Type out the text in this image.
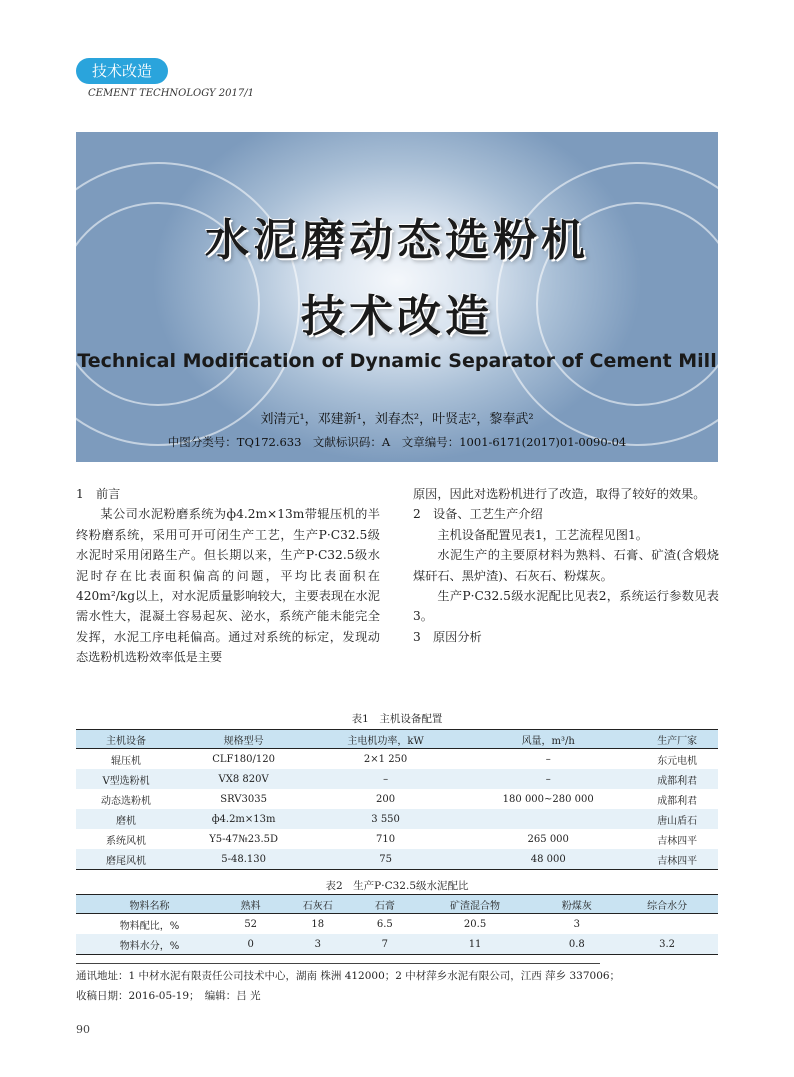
技术改造
CEMENT TECHNOLOGY 2017/1
水泥磨动态选粉机
技术改造
Technical Modification of Dynamic Separator of Cement Mill
刘清元¹，邓建新¹，刘春杰²，叶贤志²，黎奉武²
中图分类号：TQ172.633　文献标识码：A　文章编号：1001-6171(2017)01-0090-04

1　前言

某公司水泥粉磨系统为ф4.2m×13m带辊压机的半终粉磨系统，采用可开可闭生产工艺，生产P·C32.5级水泥时采用闭路生产。但长期以来，生产P·C32.5级水泥时存在比表面积偏高的问题，平均比表面积在420m²/kg以上，对水泥质量影响较大，主要表现在水泥需水性大，混凝土容易起灰、泌水，系统产能未能完全发挥，水泥工序电耗偏高。通过对系统的标定，发现动态选粉机选粉效率低是主要

原因，因此对选粉机进行了改造，取得了较好的效果。

2　设备、工艺生产介绍

主机设备配置见表1，工艺流程见图1。

水泥生产的主要原材料为熟料、石膏、矿渣(含煅烧煤矸石、黑炉渣)、石灰石、粉煤灰。

生产P·C32.5级水泥配比见表2，系统运行参数见表3。

3　原因分析

表1　主机设备配置
主机设备	规格型号	主电机功率，kW	风量，m³/h	生产厂家
辊压机	CLF180/120	2×1 250	–	东元电机
V型选粉机	VX8 820V	–	–	成都利君
动态选粉机	SRV3035	200	180 000~280 000	成都利君
磨机	ф4.2m×13m	3 550		唐山盾石
系统风机	Y5-47№23.5D	710	265 000	吉林四平
磨尾风机	5-48.130	75	48 000	吉林四平
表2　生产P·C32.5级水泥配比
物料名称	熟料	石灰石	石膏	矿渣混合物	粉煤灰	综合水分
物料配比，%	52	18	6.5	20.5	3	
物料水分，%	0	3	7	11	0.8	3.2
通讯地址：1 中材水泥有限责任公司技术中心，湖南 株洲 412000；2 中材萍乡水泥有限公司，江西 萍乡 337006；
收稿日期：2016-05-19；　编辑：吕 光
90
